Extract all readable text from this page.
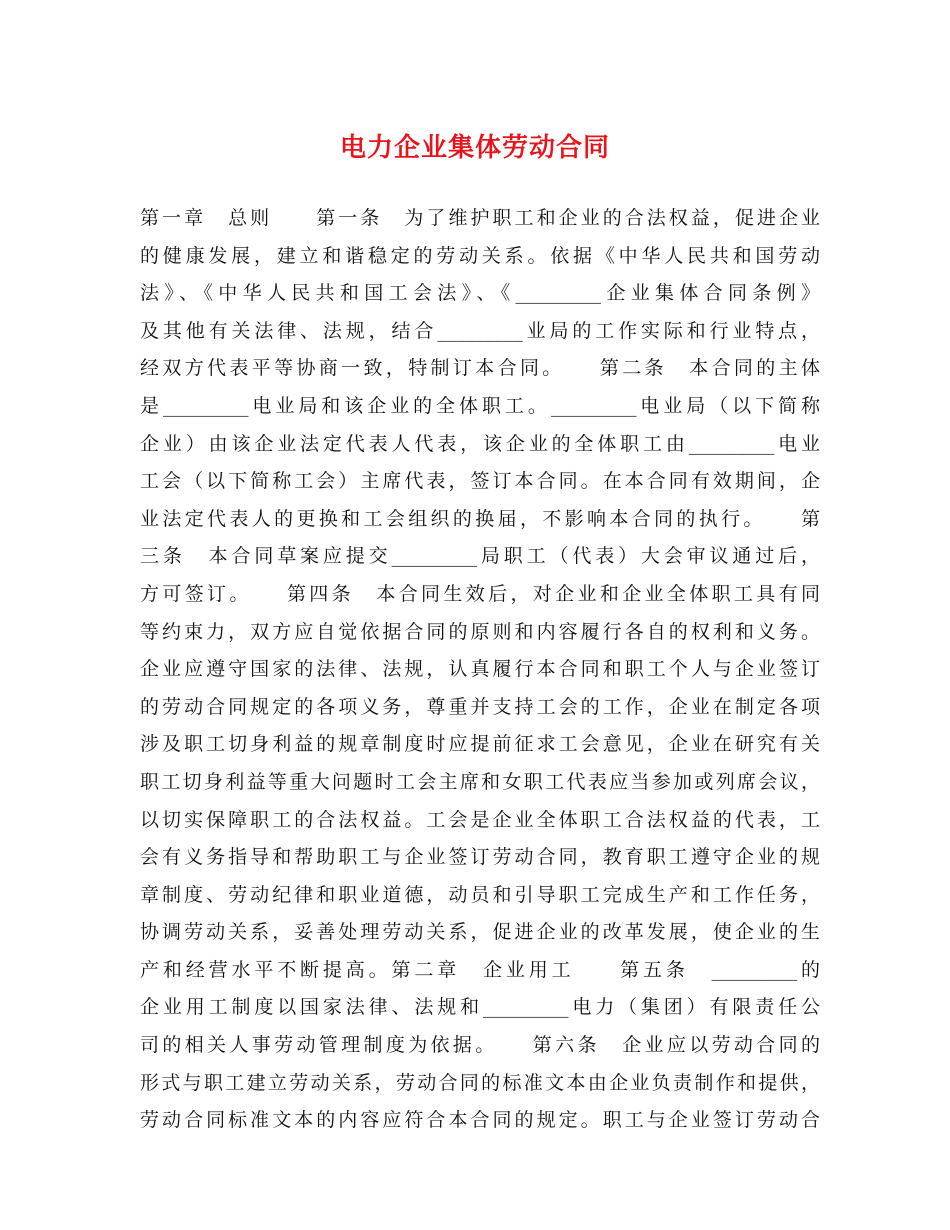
电力企业集体劳动合同
第一章　总则　　第一条　为了维护职工和企业的合法权益，促进企业
的健康发展，建立和谐稳定的劳动关系。依据《中华人民共和国劳动
法》、《中华人民共和国工会法》、《_________企业集体合同条例》
及其他有关法律、法规，结合_________业局的工作实际和行业特点，
经双方代表平等协商一致，特制订本合同。　　第二条　本合同的主体
是_________电业局和该企业的全体职工。_________电业局（以下简称
企业）由该企业法定代表人代表，该企业的全体职工由_________电业
工会（以下简称工会）主席代表，签订本合同。在本合同有效期间，企
业法定代表人的更换和工会组织的换届，不影响本合同的执行。　　第
三条　本合同草案应提交_________局职工（代表）大会审议通过后，
方可签订。　　第四条　本合同生效后，对企业和企业全体职工具有同
等约束力，双方应自觉依据合同的原则和内容履行各自的权利和义务。
企业应遵守国家的法律、法规，认真履行本合同和职工个人与企业签订
的劳动合同规定的各项义务，尊重并支持工会的工作，企业在制定各项
涉及职工切身利益的规章制度时应提前征求工会意见，企业在研究有关
职工切身利益等重大问题时工会主席和女职工代表应当参加或列席会议，
以切实保障职工的合法权益。工会是企业全体职工合法权益的代表，工
会有义务指导和帮助职工与企业签订劳动合同，教育职工遵守企业的规
章制度、劳动纪律和职业道德，动员和引导职工完成生产和工作任务，
协调劳动关系，妥善处理劳动关系，促进企业的改革发展，使企业的生
产和经营水平不断提高。第二章　企业用工　　第五条　_________的
企业用工制度以国家法律、法规和_________电力（集团）有限责任公
司的相关人事劳动管理制度为依据。　　第六条　企业应以劳动合同的
形式与职工建立劳动关系，劳动合同的标准文本由企业负责制作和提供，
劳动合同标准文本的内容应符合本合同的规定。职工与企业签订劳动合
